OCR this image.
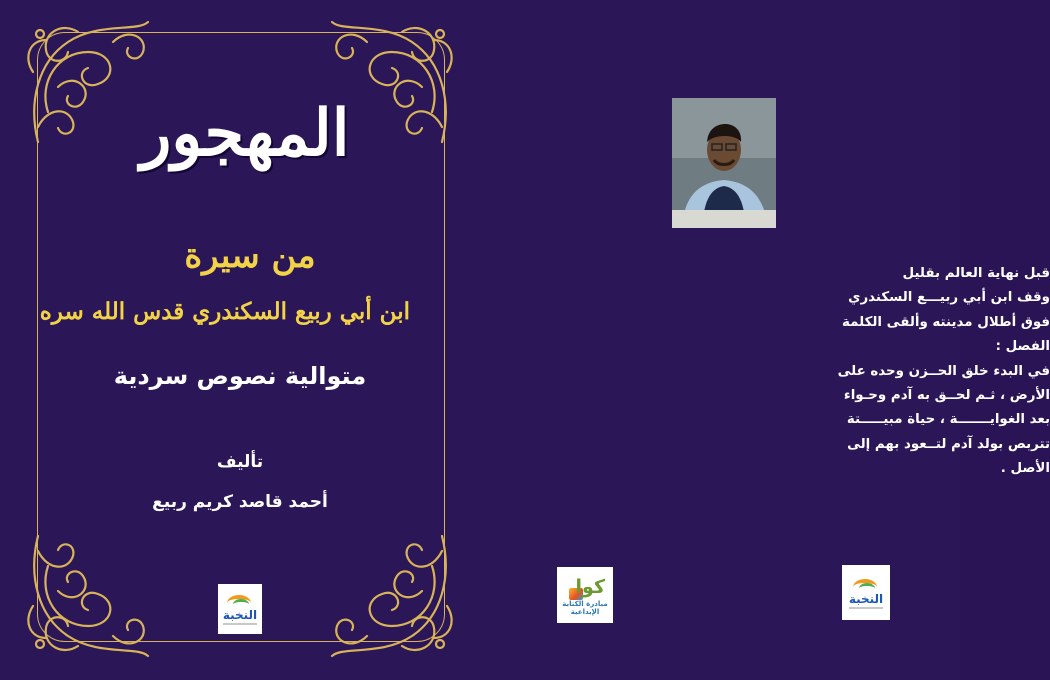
المهجور
من سيرة
ابن أبي ربيع السكندري قدس الله سره
متوالية نصوص سردية
تأليف
أحمد قاصد كريم ربيع
النخبة

قبل نهاية العالم بقليل

وقف ابن أبي ربيـــع السكندري

فوق أطلال مدينته وألقى الكلمة

الفصل :

في البدء خلق الحــزن وحده على

الأرض ، ثـم لحــق به آدم وحـواء

بعد الغوايـــــــة ، حياة مبيـــــتة

تتربص بولد آدم لتــعود بهم إلى

الأصل .

كوا
مبادرة الكتابة الإبداعية
النخبة
